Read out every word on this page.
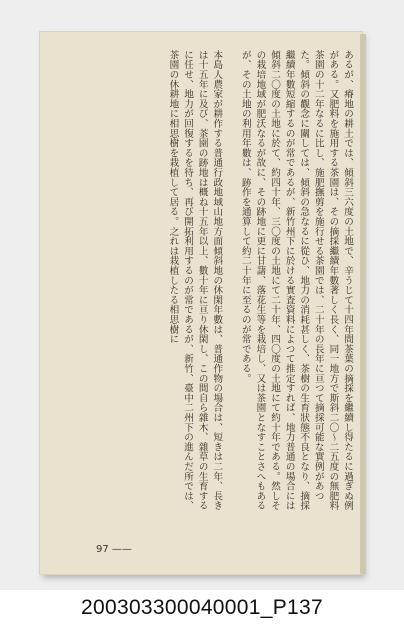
あるが、瘠地の耕土では、傾斜三六度の土地で、辛うじて十四年間茶葉の摘採を繼續し得たるに過ぎぬ例がある。又肥料を施用する茶園は、その摘採繼續年數著しく長く、同一地方で斯斜二〇〜二五度の無肥料茶園の十二年なるに比し、施肥撫剪を施行せる茶園では、二十年の長年に亘つて摘採可能な實例があつた。傾斜の觀念に關しては、傾斜の急なるに從ひ、地力の消耗甚しく、茶樹の生育狀態不良となり、摘採繼續年數短縮するのが常であるが、新竹州下に於ける實査資料によつて推定すれば、地力普通の場合には傾斜二〇度の土地に於て、約四十年、三〇度の土地にて二十年、四〇度の土地にて約十年である。然しその栽培地域が肥沃なるが故に、その跡地に更に甘藷、落花生等を栽培し、又は茶園となすことさへもあるが、その土地の利用年數は、跡作を通算して約二十年に至るのが常である。

本島人農家が耕作する普通行政地域山地方面傾斜地の休閑年數は、普通作物の場合は、短きは二年、長きは十五年に及び、茶園の跡地は概ね十五年以上、數十年に亘り休閑し、この間自ら雜木、雜草の生育するに任せ、地力が回復するを待ち、再び開拓利用するのが常であるが、新竹、臺中二州下の進んだ所では、茶園の休耕地に相思樹を栽植して居る。之れは栽植したる相思樹に

97 ——
200303300040001_P137
